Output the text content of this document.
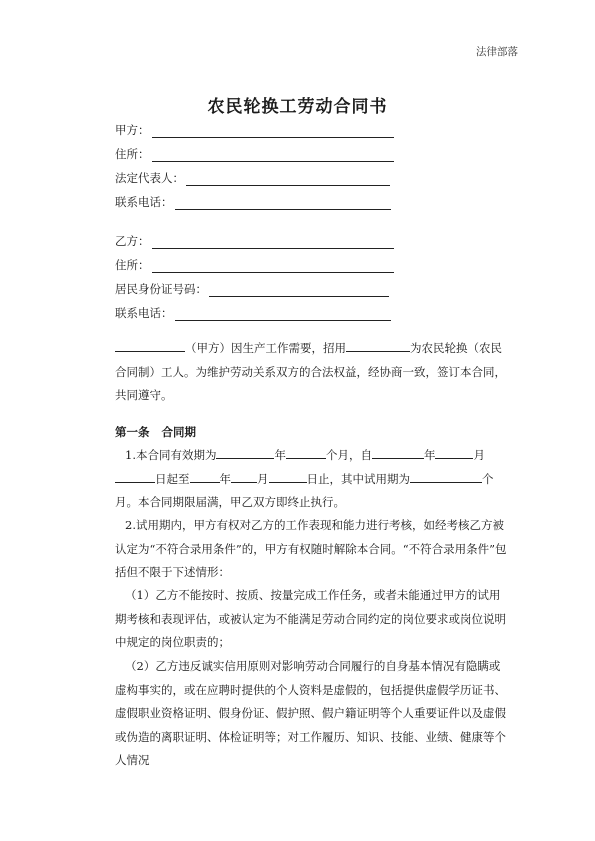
法律部落
农民轮换工劳动合同书
甲方：
住所：
法定代表人：
联系电话：
乙方：
住所：
居民身份证号码：
联系电话：
（甲方）因生产工作需要，招用	为农民轮换（农民合同制）工人。为维护劳动关系双方的合法权益，经协商一致，签订本合同，共同遵守。
第一条 合同期
1.本合同有效期为	年	个月，自	年	月日起至	年 月	日止，其中试用期为	个月。本合同期限届满，甲乙双方即终止执行。
2.试用期内，甲方有权对乙方的工作表现和能力进行考核，如经考核乙方被认定为“不符合录用条件”的，甲方有权随时解除本合同。“不符合录用条件”包括但不限于下述情形：
（1）乙方不能按时、按质、按量完成工作任务，或者未能通过甲方的试用期考核和表现评估，或被认定为不能满足劳动合同约定的岗位要求或岗位说明中规定的岗位职责的；
（2）乙方违反诚实信用原则对影响劳动合同履行的自身基本情况有隐瞒或虚构事实的，或在应聘时提供的个人资料是虚假的，包括提供虚假学历证书、虚假职业资格证明、假身份证、假护照、假户籍证明等个人重要证件以及虚假或伪造的离职证明、体检证明等；对工作履历、知识、技能、业绩、健康等个人情况
